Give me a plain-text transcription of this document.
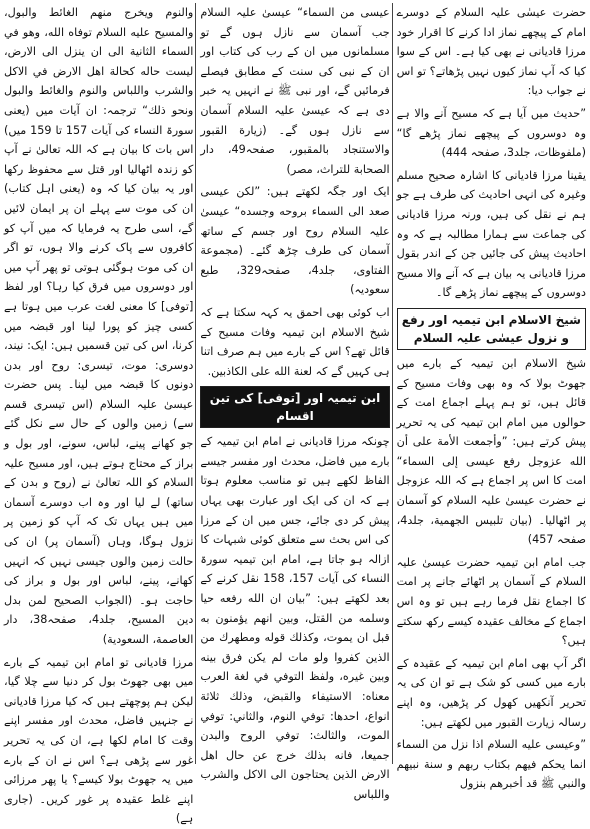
حضرت عیسٰی علیہ السلام کے دوسرے امام کے پیچھے نماز ادا کرنے کا اقرار خود مرزا قادیانی نے بھی کیا ہے۔ اس کے سوا کیا کہ آپ نماز کیوں نہیں پڑھاتے؟ تو اس نے جواب دیا:

”حدیث میں آیا ہے کہ مسیح آنے والا ہے وہ دوسروں کے پیچھے نماز پڑھے گا“ (ملفوظات، جلد3، صفحہ 444)

یقینا مرزا قادیانی کا اشارہ صحیح مسلم وغیرہ کی انہی احادیث کی طرف ہے جو ہم نے نقل کی ہیں، ورنہ مرزا قادیانی کی جماعت سے ہمارا مطالبہ ہے کہ وہ احادیث پیش کی جائیں جن کے اندر بقول مرزا قادیانی یہ بیان ہے کہ آنے والا مسیح دوسروں کے پیچھے نماز پڑھے گا۔

شیخ الاسلام ابن تیمیہ اور رفع و نزول عیسٰی علیہ السلام

شیخ الاسلام ابن تیمیہ کے بارے میں جھوٹ بولا کہ وہ بھی وفات مسیح کے قائل ہیں، تو ہم پہلے اجماع امت کے حوالوں میں امام ابن تیمیہ کی یہ تحریر پیش کرتے ہیں: ”وأجمعت الأمة على أن الله عزوجل رفع عيسى إلى السماء“ امت کا اس پر اجماع ہے کہ اللہ عزوجل نے حضرت عیسیٰ علیہ السلام کو آسمان پر اٹھالیا۔ (بيان تلبيس الجهمية، جلد4، صفحہ 457)

جب امام ابن تیمیہ حضرت عیسیٰ علیہ السلام کے آسمان پر اٹھائے جانے پر امت کا اجماع نقل فرما رہے ہیں تو وہ اس اجماع کے مخالف عقیدہ کیسے رکھ سکتے ہیں؟

اگر آپ بھی امام ابن تیمیہ کے عقیدہ کے بارے میں کسی کو شک ہے تو ان کی یہ تحریر آنکھیں کھول کر پڑھیں، وہ اپنے رسالہ زیارت القبور میں لکھتے ہیں:

”وعيسى عليه السلام اذا نزل من السماء انما يحكم فيهم بكتاب ربهم و سنة نبيهم والنبي ﷺ قد أخبرهم بنزول

عیسى من السماء“ عیسیٰ علیہ السلام جب آسمان سے نازل ہوں گے تو مسلمانوں میں ان کے رب کی کتاب اور ان کے نبی کی سنت کے مطابق فیصلے فرمائیں گے، اور نبی ﷺ نے انہیں یہ خبر دی ہے کہ عیسیٰ علیہ السلام آسمان سے نازل ہوں گے۔ (زيارة القبور والاستنجاد بالمقبور، صفحہ49، دار الصحابة للتراث، مصر)

ایک اور جگہ لکھتے ہیں: ”لكن عيسى صعد الى السماء بروحه وجسده“ عیسیٰ علیہ السلام روح اور جسم کے ساتھ آسمان کی طرف چڑھ گئے۔ (مجموعة الفتاوى، جلد4، صفحہ329، طبع سعودیہ)

اب کوئی بھی احمق یہ کہہ سکتا ہے کہ شیخ الاسلام ابن تیمیہ وفات مسیح کے قائل تھے؟ اس کے بارے میں ہم صرف اتنا ہی کہیں گے کہ لعنة الله على الكاذبين.

ابن تیمیہ اور [توفی] کی تین اقسام

چونکہ مرزا قادیانی نے امام ابن تیمیہ کے بارے میں فاضل، محدث اور مفسر جیسے الفاظ لکھے ہیں تو مناسب معلوم ہوتا ہے کہ ان کی ایک اور عبارت بھی یہاں پیش کر دی جائے، جس میں ان کے مرزا کی اس بحث سے متعلق کوئی شبہات کا ازالہ ہو جاتا ہے، امام ابن تیمیہ سورۃ النساء کی آیات 157، 158 نقل کرنے کے بعد لکھتے ہیں: ”بيان ان الله رفعه حيا وسلمه من القتل، وبين انهم يؤمنون به قبل ان يموت، وكذلك قوله ومطهرك من الذين كفروا ولو مات لم يكن فرق بينه وبين غيره، ولفظ التوفي في لغة العرب معناه: الاستيفاء والقبض، وذلك ثلاثة انواع، احدها: توفي النوم، والثاني: توفي الموت، والثالث: توفي الروح والبدن جميعا، فانه بذلك خرج عن حال اهل الارض الذين يحتاجون الى الاكل والشرب واللباس

والنوم ويخرج منهم الغائط والبول، والمسيح عليه السلام توفاه الله، وهو في السماء الثانية الى ان ينزل الى الارض، ليست حاله كحالة اهل الارض في الاكل والشرب واللباس والنوم والغائط والبول ونحو ذلك“ ترجمہ: ان آیات میں (یعنی سورۃ النساء کی آیات 157 تا 159 میں) اس بات کا بیان ہے کہ اللہ تعالیٰ نے آپ کو زندہ اٹھالیا اور قتل سے محفوظ رکھا اور یہ بیان کیا کہ وہ (یعنی اہل کتاب) ان کی موت سے پہلے ان پر ایمان لائیں گے، اسی طرح یہ فرمایا کہ میں آپ کو کافروں سے پاک کرنے والا ہوں، تو اگر ان کی موت ہوگئی ہوتی تو پھر آپ میں اور دوسروں میں فرق کیا رہا؟ اور لفظ [توفی] کا معنی لغت عرب میں ہوتا ہے کسی چیز کو پورا لینا اور قبضہ میں کرنا، اس کی تین قسمیں ہیں: ایک: نیند، دوسری: موت، تیسری: روح اور بدن دونوں کا قبضہ میں لینا۔ پس حضرت عیسیٰ علیہ السلام (اس تیسری قسم سے) زمین والوں کے حال سے نکل گئے جو کھانے پینے، لباس، سونے، اور بول و براز کے محتاج ہوتے ہیں، اور مسیح علیہ السلام کو اللہ تعالیٰ نے (روح و بدن کے ساتھ) لے لیا اور وہ اب دوسرے آسمان میں ہیں یہاں تک کہ آپ کو زمین پر نزول ہوگا، وہاں (آسمان پر) ان کی حالت زمین والوں جیسی نہیں کہ انہیں کھانے، پینے، لباس اور بول و براز کی حاجت ہو۔ (الجواب الصحيح لمن بدل دين المسيح، جلد4، صفحہ38، دار العاصمة، السعودية)

مرزا قادیانی تو امام ابن تیمیہ کے بارے میں بھی جھوٹ بول کر دنیا سے چلا گیا، لیکن ہم پوچھتے ہیں کہ کیا مرزا قادیانی نے جنہیں فاضل، محدث اور مفسر اپنے وقت کا امام لکھا ہے، ان کی یہ تحریر غور سے پڑھی ہے؟ اس نے ان کے بارے میں یہ جھوٹ بولا کیسے؟ یا پھر مرزائی اپنے غلط عقیدہ پر غور کریں۔ (جاری ہے)
